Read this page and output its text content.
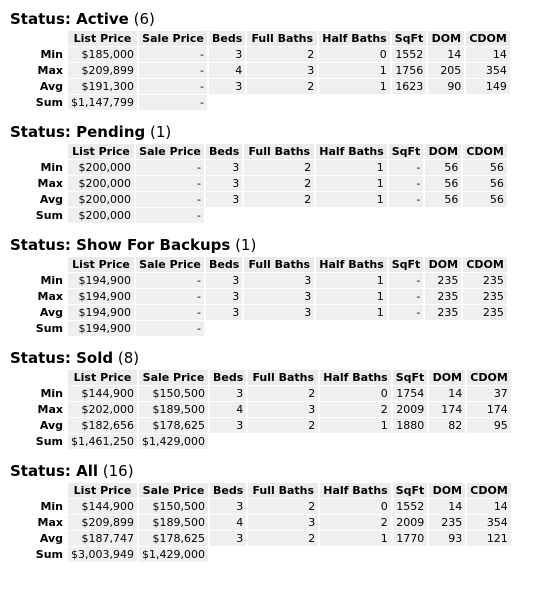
Status: Active (6)
	List Price	Sale Price	Beds	Full Baths	Half Baths	SqFt	DOM	CDOM
Min	$185,000	-	3	2	0	1552	14	14
Max	$209,899	-	4	3	1	1756	205	354
Avg	$191,300	-	3	2	1	1623	90	149
Sum	$1,147,799	-						
Status: Pending (1)
	List Price	Sale Price	Beds	Full Baths	Half Baths	SqFt	DOM	CDOM
Min	$200,000	-	3	2	1	-	56	56
Max	$200,000	-	3	2	1	-	56	56
Avg	$200,000	-	3	2	1	-	56	56
Sum	$200,000	-						
Status: Show For Backups (1)
	List Price	Sale Price	Beds	Full Baths	Half Baths	SqFt	DOM	CDOM
Min	$194,900	-	3	3	1	-	235	235
Max	$194,900	-	3	3	1	-	235	235
Avg	$194,900	-	3	3	1	-	235	235
Sum	$194,900	-						
Status: Sold (8)
	List Price	Sale Price	Beds	Full Baths	Half Baths	SqFt	DOM	CDOM
Min	$144,900	$150,500	3	2	0	1754	14	37
Max	$202,000	$189,500	4	3	2	2009	174	174
Avg	$182,656	$178,625	3	2	1	1880	82	95
Sum	$1,461,250	$1,429,000						
Status: All (16)
	List Price	Sale Price	Beds	Full Baths	Half Baths	SqFt	DOM	CDOM
Min	$144,900	$150,500	3	2	0	1552	14	14
Max	$209,899	$189,500	4	3	2	2009	235	354
Avg	$187,747	$178,625	3	2	1	1770	93	121
Sum	$3,003,949	$1,429,000						
